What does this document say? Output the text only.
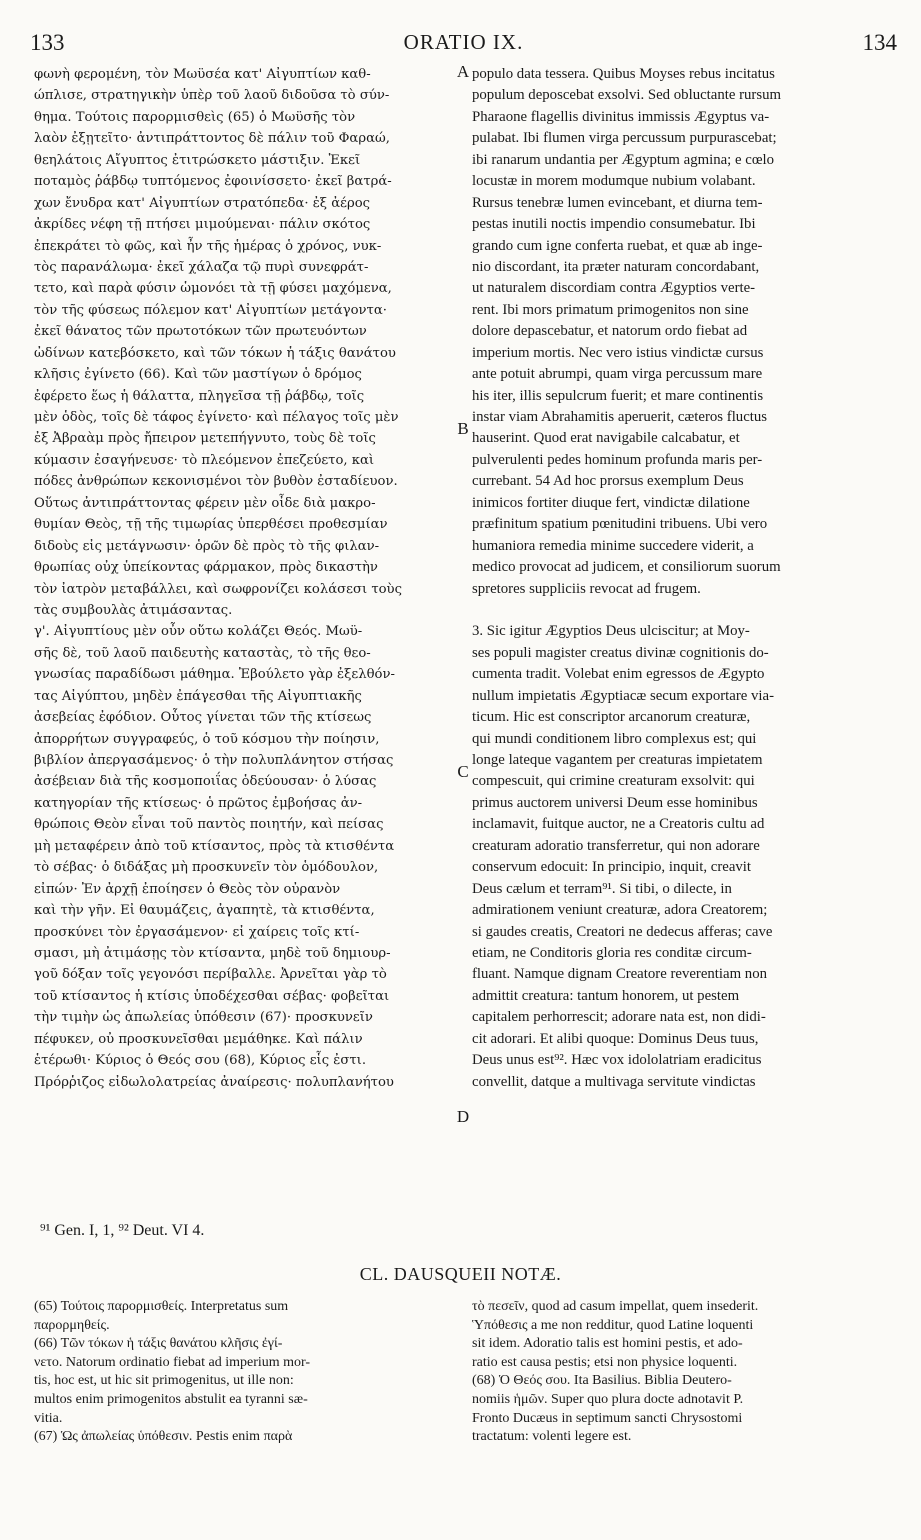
133	ORATIO IX.	134
φωνὴ φερομένη, τὸν Μωϋσέα κατ' Αἰγυπτίων καθ-
ώπλισε, στρατηγικὴν ὑπὲρ τοῦ λαοῦ διδοῦσα τὸ σύν-
θημα. Τούτοις παρορμισθεὶς (65) ὁ Μωϋσῆς τὸν
λαὸν ἐξῃτεῖτο· ἀντιπράττοντος δὲ πάλιν τοῦ Φαραώ,
θεηλάτοις Αἴγυπτος ἐτιτρώσκετο μάστιξιν. Ἐκεῖ
ποταμὸς ῥάβδῳ τυπτόμενος ἐφοινίσσετο· ἐκεῖ βατρά-
χων ἔνυδρα κατ' Αἰγυπτίων στρατόπεδα· ἐξ ἀέρος
ἀκρίδες νέφη τῇ πτήσει μιμούμεναι· πάλιν σκότος
ἐπεκράτει τὸ φῶς, καὶ ἦν τῆς ἡμέρας ὁ χρόνος, νυκ-
τὸς παρανάλωμα· ἐκεῖ χάλαζα τῷ πυρὶ συνεφράτ-
τετο, καὶ παρὰ φύσιν ὡμονόει τὰ τῇ φύσει μαχόμενα,
τὸν τῆς φύσεως πόλεμον κατ' Αἰγυπτίων μετάγοντα·
ἐκεῖ θάνατος τῶν πρωτοτόκων τῶν πρωτευόντων
ὠδίνων κατεβόσκετο, καὶ τῶν τόκων ἡ τάξις θανάτου
κλῆσις ἐγίνετο (66). Καὶ τῶν μαστίγων ὁ δρόμος
ἐφέρετο ἕως ἡ θάλαττα, πληγεῖσα τῇ ῥάβδῳ, τοῖς
μὲν ὁδὸς, τοῖς δὲ τάφος ἐγίνετο· καὶ πέλαγος τοῖς μὲν
ἐξ Ἀβραὰμ πρὸς ἤπειρον μετεπήγνυτο, τοὺς δὲ τοῖς
κύμασιν ἐσαγήνευσε· τὸ πλεόμενον ἐπεζεύετο, καὶ
πόδες ἀνθρώπων κεκονισμένοι τὸν βυθὸν ἐσταδίευον.
Οὕτως ἀντιπράττοντας φέρειν μὲν οἶδε διὰ μακρο-
θυμίαν Θεὸς, τῇ τῆς τιμωρίας ὑπερθέσει προθεσμίαν
διδοὺς εἰς μετάγνωσιν· ὁρῶν δὲ πρὸς τὸ τῆς φιλαν-
θρωπίας οὐχ ὑπείκοντας φάρμακον, πρὸς δικαστὴν
τὸν ἰατρὸν μεταβάλλει, καὶ σωφρονίζει κολάσεσι τοὺς
τὰς συμβουλὰς ἀτιμάσαντας.
γ'. Αἰγυπτίους μὲν οὖν οὕτω κολάζει Θεός. Μωϋ-
σῆς δὲ, τοῦ λαοῦ παιδευτὴς καταστὰς, τὸ τῆς θεο-
γνωσίας παραδίδωσι μάθημα. Ἐβούλετο γὰρ ἐξελθόν-
τας Αἰγύπτου, μηδὲν ἐπάγεσθαι τῆς Αἰγυπτιακῆς
ἀσεβείας ἐφόδιον. Οὗτος γίνεται τῶν τῆς κτίσεως
ἀπορρήτων συγγραφεύς, ὁ τοῦ κόσμου τὴν ποίησιν,
βιβλίον ἀπεργασάμενος· ὁ τὴν πολυπλάνητον στήσας
ἀσέβειαν διὰ τῆς κοσμοποιΐας ὁδεύουσαν· ὁ λύσας
κατηγορίαν τῆς κτίσεως· ὁ πρῶτος ἐμβοήσας ἀν-
θρώποις Θεὸν εἶναι τοῦ παντὸς ποιητήν, καὶ πείσας
μὴ μεταφέρειν ἀπὸ τοῦ κτίσαντος, πρὸς τὰ κτισθέντα
τὸ σέβας· ὁ διδάξας μὴ προσκυνεῖν τὸν ὁμόδουλον,
εἰπών· Ἐν ἀρχῇ ἐποίησεν ὁ Θεὸς τὸν οὐρανὸν
καὶ τὴν γῆν. Εἰ θαυμάζεις, ἀγαπητὲ, τὰ κτισθέντα,
προσκύνει τὸν ἐργασάμενον· εἰ χαίρεις τοῖς κτί-
σμασι, μὴ ἀτιμάσῃς τὸν κτίσαντα, μηδὲ τοῦ δημιουρ-
γοῦ δόξαν τοῖς γεγονόσι περίβαλλε. Ἀρνεῖται γὰρ τὸ
τοῦ κτίσαντος ἡ κτίσις ὑποδέχεσθαι σέβας· φοβεῖται
τὴν τιμὴν ὡς ἀπωλείας ὑπόθεσιν (67)· προσκυνεῖν
πέφυκεν, οὐ προσκυνεῖσθαι μεμάθηκε. Καὶ πάλιν
ἑτέρωθι· Κύριος ὁ Θεός σου (68), Κύριος εἷς ἐστι.
Πρόρῥιζος εἰδωλολατρείας ἀναίρεσις· πολυπλανήτου
populo data tessera. Quibus Moyses rebus incitatus
populum deposcebat exsolvi. Sed obluctante rursum
Pharaone flagellis divinitus immissis Ægyptus va-
pulabat. Ibi flumen virga percussum purpurascebat;
ibi ranarum undantia per Ægyptum agmina; e cœlo
locustæ in morem modumque nubium volabant.
Rursus tenebræ lumen evincebant, et diurna tem-
pestas inutili noctis impendio consumebatur. Ibi
grando cum igne conferta ruebat, et quæ ab inge-
nio discordant, ita præter naturam concordabant,
ut naturalem discordiam contra Ægyptios verte-
rent. Ibi mors primatum primogenitos non sine
dolore depascebatur, et natorum ordo fiebat ad
imperium mortis. Nec vero istius vindictæ cursus
ante potuit abrumpi, quam virga percussum mare
his iter, illis sepulcrum fuerit; et mare continentis
instar viam Abrahamitis aperuerit, cæteros fluctus
hauserint. Quod erat navigabile calcabatur, et
pulverulenti pedes hominum profunda maris per-
currebant. 54 Ad hoc prorsus exemplum Deus
inimicos fortiter diuque fert, vindictæ dilatione
præfinitum spatium pœnitudini tribuens. Ubi vero
humaniora remedia minime succedere viderit, a
medico provocat ad judicem, et consiliorum suorum
spretores suppliciis revocat ad frugem.
3. Sic igitur Ægyptios Deus ulciscitur; at Moy-
ses populi magister creatus divinæ cognitionis do-
cumenta tradit. Volebat enim egressos de Ægypto
nullum impietatis Ægyptiacæ secum exportare via-
ticum. Hic est conscriptor arcanorum creaturæ,
qui mundi conditionem libro complexus est; qui
longe lateque vagantem per creaturas impietatem
compescuit, qui crimine creaturam exsolvit: qui
primus auctorem universi Deum esse hominibus
inclamavit, fuitque auctor, ne a Creatoris cultu ad
creaturam adoratio transferretur, qui non adorare
conservum edocuit: In principio, inquit, creavit
Deus cælum et terram⁹¹. Si tibi, o dilecte, in
admirationem veniunt creaturæ, adora Creatorem;
si gaudes creatis, Creatori ne dedecus afferas; cave
etiam, ne Conditoris gloria res conditæ circum-
fluant. Namque dignam Creatore reverentiam non
admittit creatura: tantum honorem, ut pestem
capitalem perhorrescit; adorare nata est, non didi-
cit adorari. Et alibi quoque: Dominus Deus tuus,
Deus unus est⁹². Hæc vox idololatriam eradicitus
convellit, datque a multivaga servitute vindictas
A
B
C
D
⁹¹ Gen. I, 1, ⁹² Deut. VI 4.
CL. DAUSQUEII NOTÆ.
(65) Τούτοις παρορμισθείς. Interpretatus sum
παρορμηθείς.
(66) Τῶν τόκων ἡ τάξις θανάτου κλῆσις ἐγί-
νετο. Natorum ordinatio fiebat ad imperium mor-
tis, hoc est, ut hic sit primogenitus, ut ille non:
multos enim primogenitos abstulit ea tyranni sæ-
vitia.
(67) Ὡς ἀπωλείας ὑπόθεσιν. Pestis enim παρὰ
τὸ πεσεῖν, quod ad casum impellat, quem insederit.
Ὑπόθεσις a me non redditur, quod Latine loquenti
sit idem. Adoratio talis est homini pestis, et ado-
ratio est causa pestis; etsi non physice loquenti.
(68) Ὁ Θεός σου. Ita Basilius. Biblia Deutero-
nomiis ἡμῶν. Super quo plura docte adnotavit P.
Fronto Ducæus in septimum sancti Chrysostomi
tractatum: volenti legere est.
